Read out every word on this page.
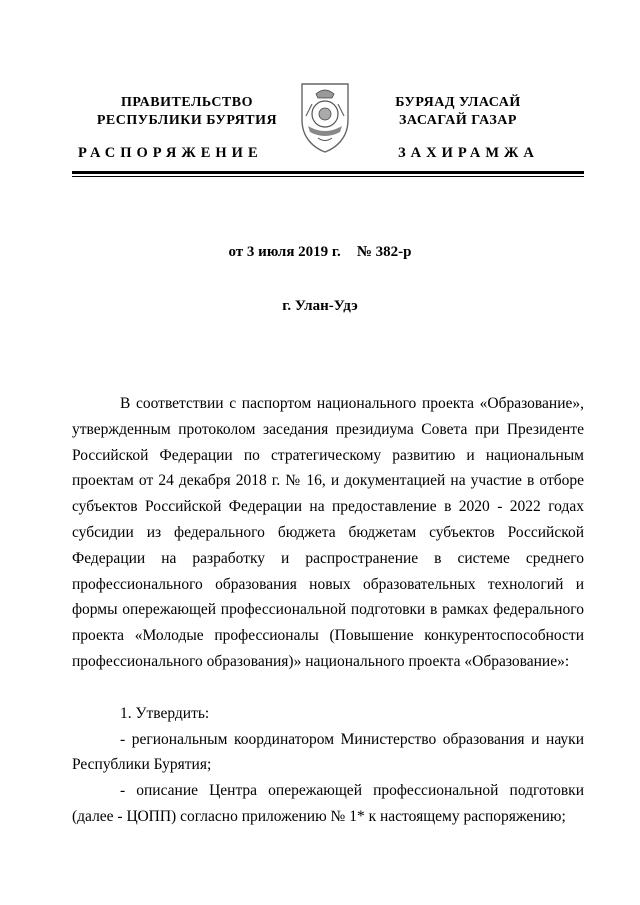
ПРАВИТЕЛЬСТВО
РЕСПУБЛИКИ БУРЯТИЯ
БУРЯАД УЛАСАЙ
ЗАСАГАЙ ГАЗАР
РАСПОРЯЖЕНИЕ	ЗАХИРАМЖА
от 3 июля 2019 г. № 382-р
г. Улан-Удэ

В соответствии с паспортом национального проекта «Образование», утвержденным протоколом заседания президиума Совета при Президенте Российской Федерации по стратегическому развитию и национальным проектам от 24 декабря 2018 г. № 16, и документацией на участие в отборе субъектов Российской Федерации на предоставление в 2020 - 2022 годах субсидии из федерального бюджета бюджетам субъектов Российской Федерации на разработку и распространение в системе среднего профессионального образования новых образовательных технологий и формы опережающей профессиональной подготовки в рамках федерального проекта «Молодые профессионалы (Повышение конкурентоспособности профессионального образования)» национального проекта «Образование»:

1. Утвердить:

- региональным координатором Министерство образования и науки Республики Бурятия;

- описание Центра опережающей профессиональной подготовки (далее - ЦОПП) согласно приложению № 1* к настоящему распоряжению;
